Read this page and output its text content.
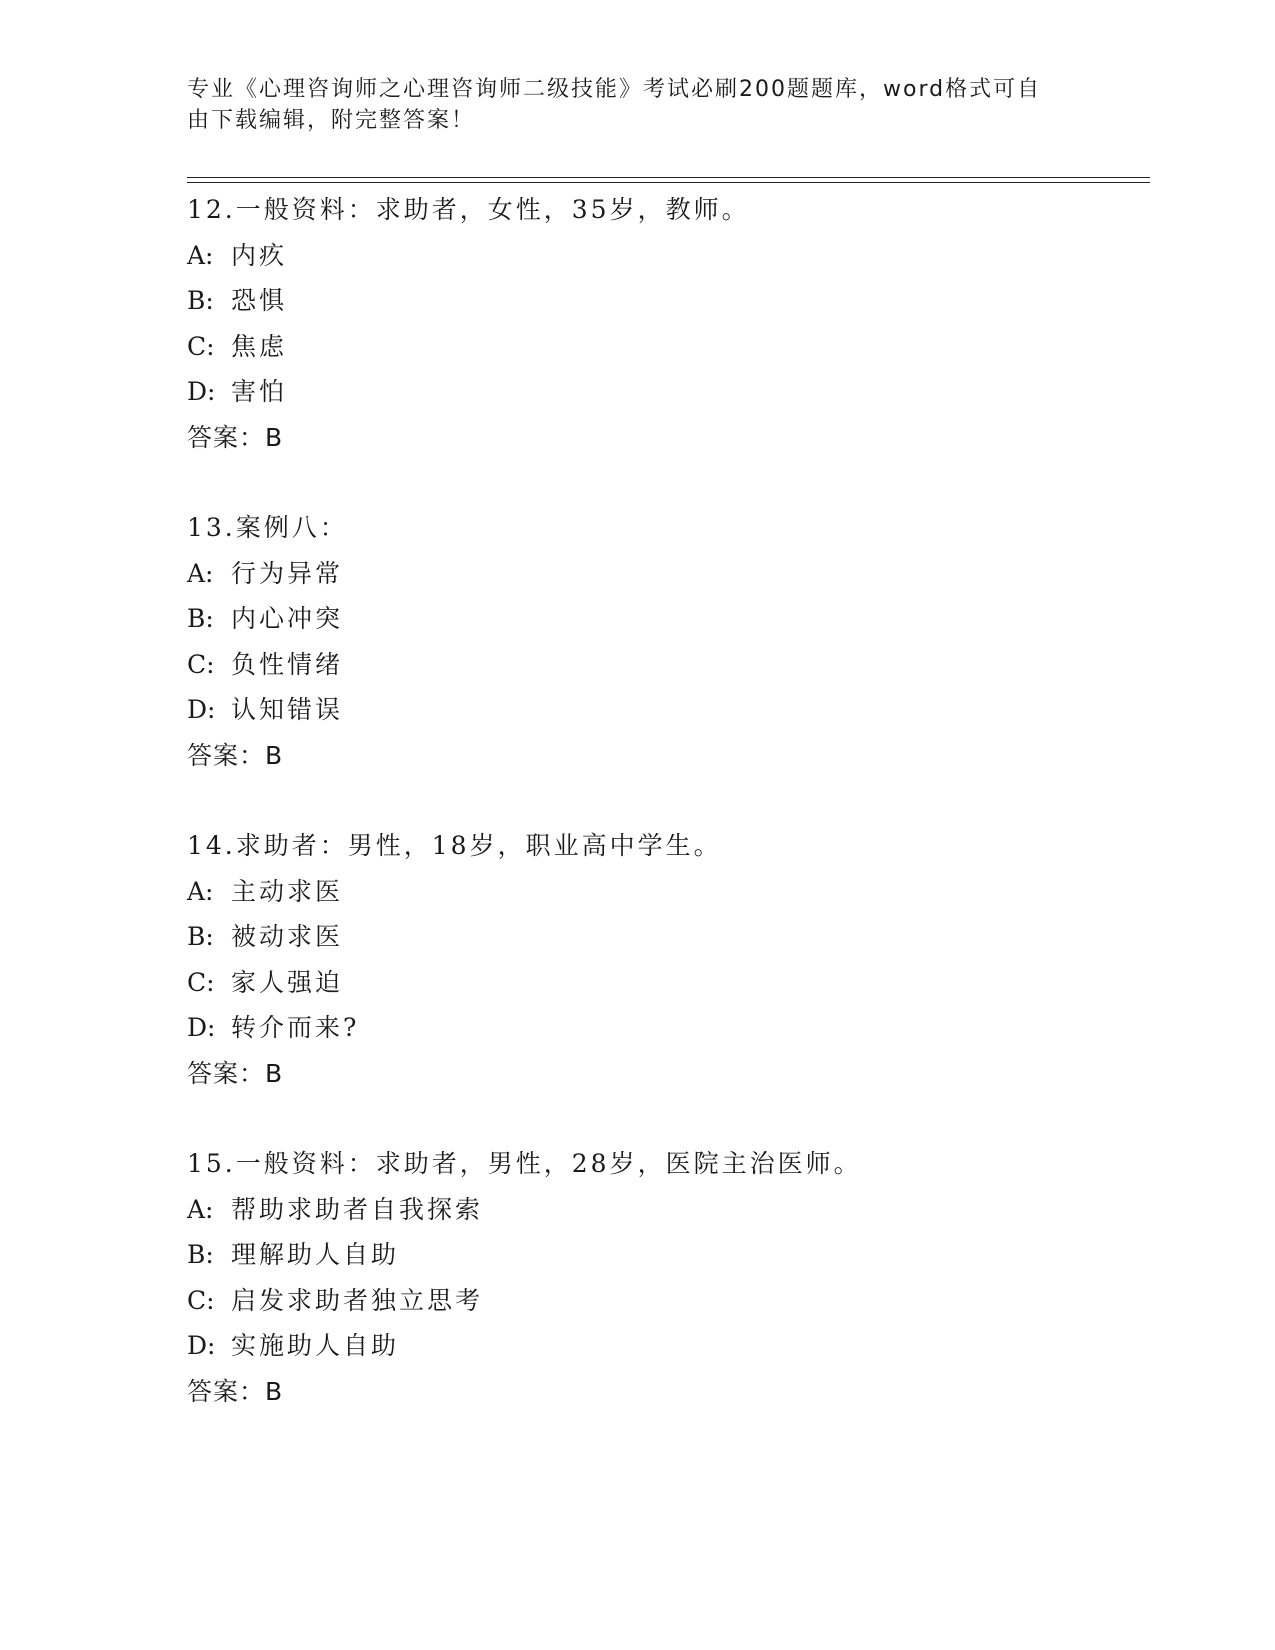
专业《心理咨询师之心理咨询师二级技能》考试必刷200题题库，word格式可自
由下载编辑，附完整答案！
12.一般资料：求助者，女性，35岁，教师。
A: 内疚
B: 恐惧
C: 焦虑
D: 害怕
答案：B
13.案例八：
A: 行为异常
B: 内心冲突
C: 负性情绪
D: 认知错误
答案：B
14.求助者：男性，18岁，职业高中学生。
A: 主动求医
B: 被动求医
C: 家人强迫
D: 转介而来?
答案：B
15.一般资料：求助者，男性，28岁，医院主治医师。
A: 帮助求助者自我探索
B: 理解助人自助
C: 启发求助者独立思考
D: 实施助人自助
答案：B
